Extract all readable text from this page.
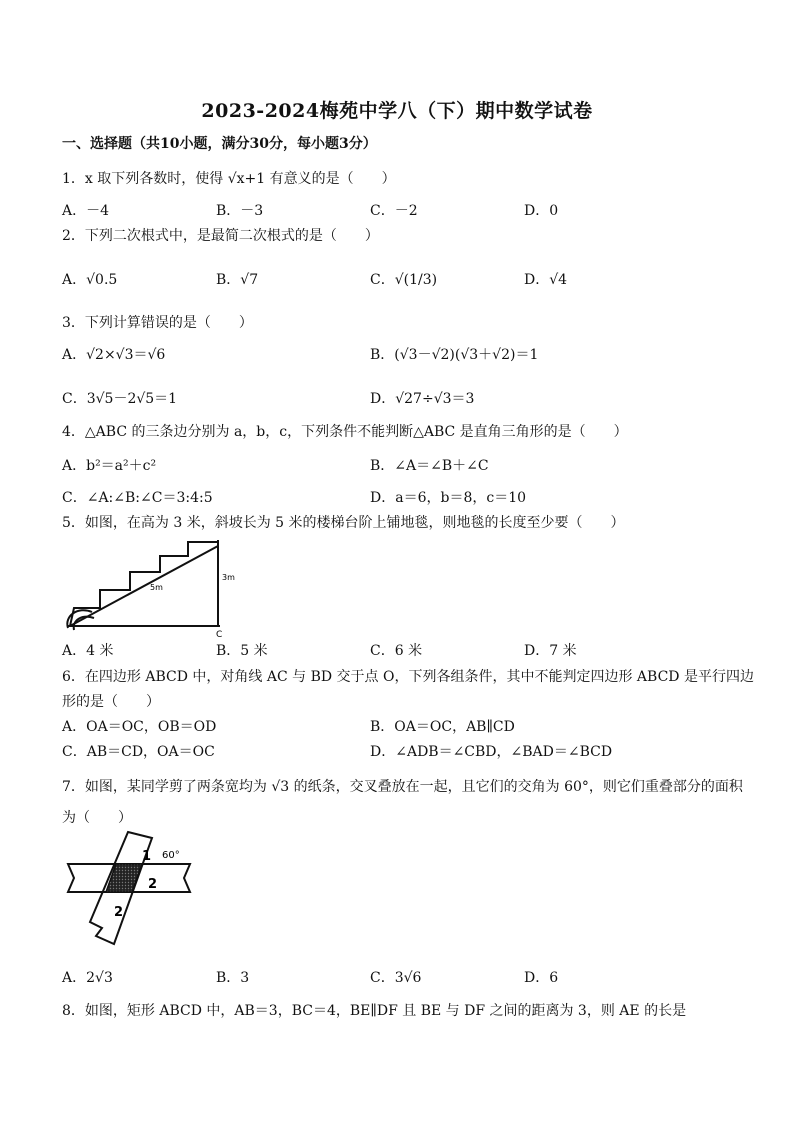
2023-2024梅苑中学八（下）期中数学试卷
一、选择题（共10小题，满分30分，每小题3分）
1．x 取下列各数时，使得 √x+1 有意义的是（　　）
A．－4	B．－3	C．－2	D．0
2．下列二次根式中，是最简二次根式的是（　　）
A．√0.5	B．√7	C．√(1/3)	D．√4
3．下列计算错误的是（　　）
A．√2×√3＝√6	B．(√3－√2)(√3＋√2)＝1
C．3√5－2√5＝1	D．√27÷√3＝3
4．△ABC 的三条边分别为 a，b，c，下列条件不能判断△ABC 是直角三角形的是（　　）
A．b²＝a²＋c²	B．∠A＝∠B＋∠C
C．∠A:∠B:∠C＝3:4:5	D．a＝6，b＝8，c＝10
5．如图，在高为 3 米，斜坡长为 5 米的楼梯台阶上铺地毯，则地毯的长度至少要（　　）
5m
3m
C
A．4 米	B．5 米	C．6 米	D．7 米
6．在四边形 ABCD 中，对角线 AC 与 BD 交于点 O，下列各组条件，其中不能判定四边形 ABCD 是平行四边
形的是（　　）
A．OA＝OC，OB＝OD	B．OA＝OC，AB∥CD
C．AB＝CD，OA＝OC	D．∠ADB＝∠CBD，∠BAD＝∠BCD
7．如图，某同学剪了两条宽均为 √3 的纸条，交叉叠放在一起，且它们的交角为 60°，则它们重叠部分的面积
为（　　）
1 60°
2
2
A．2√3	B．3	C．3√6	D．6
8．如图，矩形 ABCD 中，AB＝3，BC＝4，BE∥DF 且 BE 与 DF 之间的距离为 3，则 AE 的长是
